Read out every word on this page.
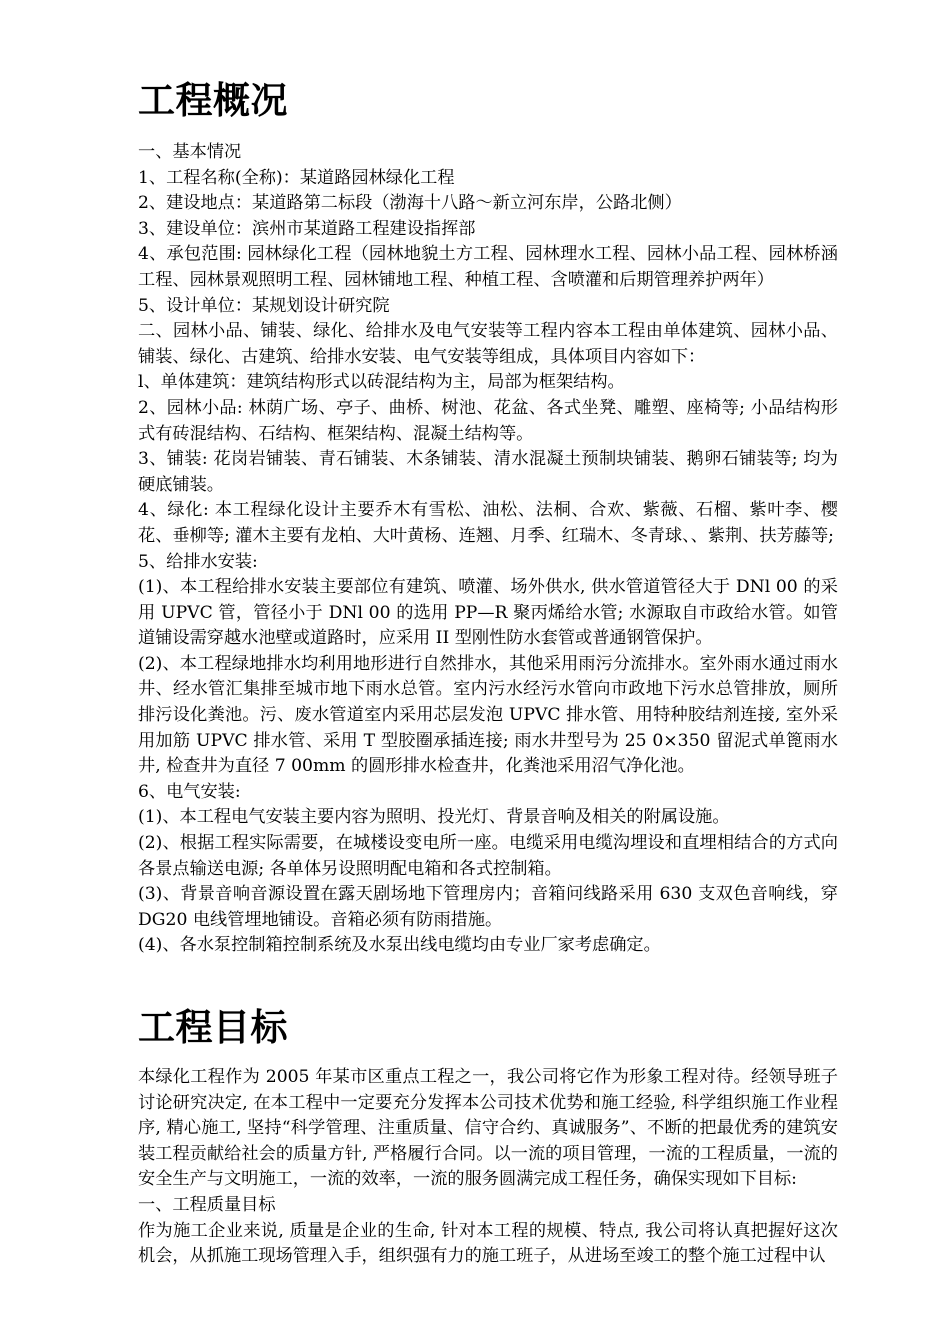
工程概况

一、基本情况

1、工程名称(全称)：某道路园林绿化工程

2、建设地点：某道路第二标段（渤海十八路～新立河东岸，公路北侧）

3、建设单位：滨州市某道路工程建设指挥部

4、承包范围: 园林绿化工程（园林地貌土方工程、园林理水工程、园林小品工程、园林桥涵工程、园林景观照明工程、园林铺地工程、种植工程、含喷灌和后期管理养护两年）

5、设计单位：某规划设计研究院

二、园林小品、铺装、绿化、给排水及电气安装等工程内容本工程由单体建筑、园林小品、铺装、绿化、古建筑、给排水安装、电气安装等组成，具体项目内容如下：

l、单体建筑：建筑结构形式以砖混结构为主，局部为框架结构。

2、园林小品: 林荫广场、亭子、曲桥、树池、花盆、各式坐凳、雕塑、座椅等; 小品结构形式有砖混结构、石结构、框架结构、混凝土结构等。

3、铺装: 花岗岩铺装、青石铺装、木条铺装、清水混凝土预制块铺装、鹅卵石铺装等; 均为硬底铺装。

4、绿化: 本工程绿化设计主要乔木有雪松、油松、法桐、合欢、紫薇、石榴、紫叶李、樱花、垂柳等; 灌木主要有龙柏、大叶黄杨、连翘、月季、红瑞木、冬青球、、紫荆、扶芳藤等;

5、给排水安装:

(1)、本工程给排水安装主要部位有建筑、喷灌、场外供水, 供水管道管径大于 DNl 00 的采用 UPVC 管，管径小于 DNl 00 的选用 PP—R 聚丙烯给水管; 水源取自市政给水管。如管道铺设需穿越水池壁或道路时，应采用 II 型刚性防水套管或普通钢管保护。

(2)、本工程绿地排水均利用地形进行自然排水，其他采用雨污分流排水。室外雨水通过雨水井、经水管汇集排至城市地下雨水总管。室内污水经污水管向市政地下污水总管排放，厕所排污设化粪池。污、废水管道室内采用芯层发泡 UPVC 排水管、用特种胶结剂连接, 室外采用加筋 UPVC 排水管、采用 T 型胶圈承插连接; 雨水井型号为 25 0×350 留泥式单篦雨水井, 检查井为直径 7 00mm 的圆形排水检查井，化粪池采用沼气净化池。

6、电气安装:

(1)、本工程电气安装主要内容为照明、投光灯、背景音响及相关的附属设施。

(2)、根据工程实际需要，在城楼设变电所一座。电缆采用电缆沟埋设和直埋相结合的方式向各景点输送电源; 各单体另设照明配电箱和各式控制箱。

(3)、背景音响音源设置在露天剧场地下管理房内；音箱问线路采用 630 支双色音响线，穿 DG20 电线管埋地铺设。音箱必须有防雨措施。

(4)、各水泵控制箱控制系统及水泵出线电缆均由专业厂家考虑确定。

工程目标

本绿化工程作为 2005 年某市区重点工程之一，我公司将它作为形象工程对待。经领导班子讨论研究决定, 在本工程中一定要充分发挥本公司技术优势和施工经验, 科学组织施工作业程序, 精心施工, 坚持“科学管理、注重质量、信守合约、真诚服务”、不断的把最优秀的建筑安装工程贡献给社会的质量方针, 严格履行合同。以一流的项目管理，一流的工程质量，一流的安全生产与文明施工，一流的效率，一流的服务圆满完成工程任务，确保实现如下目标:

一、工程质量目标

作为施工企业来说, 质量是企业的生命, 针对本工程的规模、特点, 我公司将认真把握好这次机会，从抓施工现场管理入手，组织强有力的施工班子，从进场至竣工的整个施工过程中认
